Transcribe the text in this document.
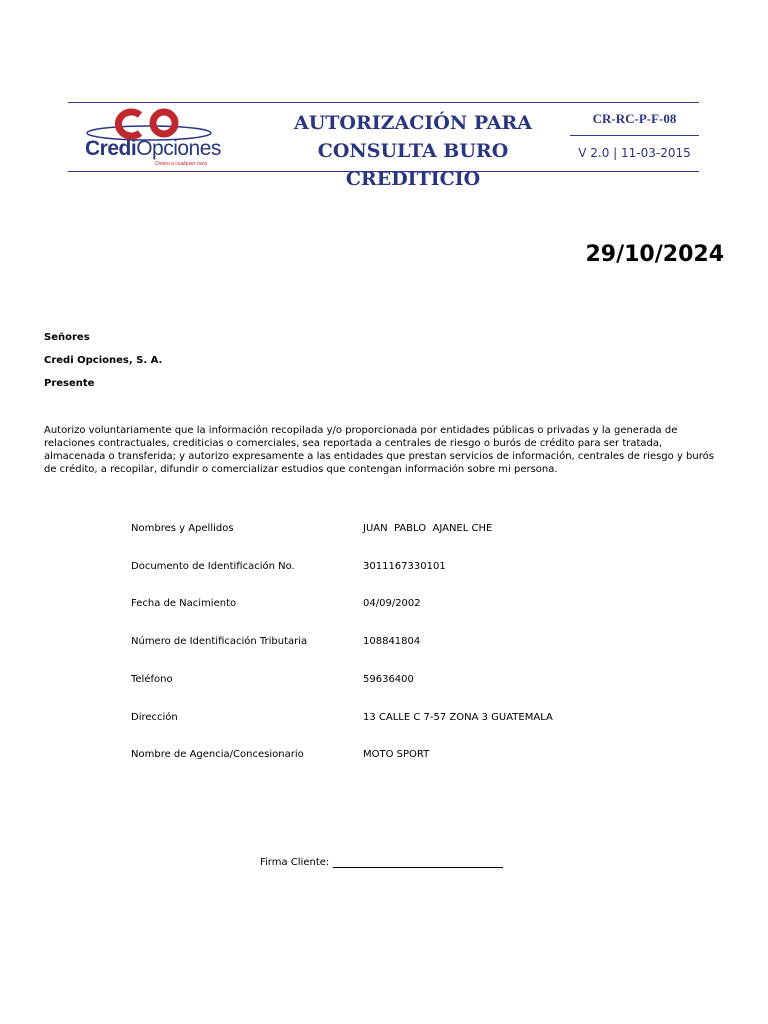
CrediOpciones
Dinero a cualquier hora
AUTORIZACIÓN PARA
CONSULTA BURO CREDITICIO
CR-RC-P-F-08
V 2.0 | 11-03-2015
29/10/2024
Señores
Credi Opciones, S. A.
Presente
Autorizo voluntariamente que la información recopilada y/o proporcionada por entidades públicas o privadas y la generada de relaciones contractuales, crediticias o comerciales, sea reportada a centrales de riesgo o burós de crédito para ser tratada, almacenada o transferida; y autorizo expresamente a las entidades que prestan servicios de información, centrales de riesgo y burós de crédito, a recopilar, difundir o comercializar estudios que contengan información sobre mi persona.
Nombres y Apellidos	JUAN  PABLO  AJANEL CHE
Documento de Identificación No.	3011167330101
Fecha de Nacimiento	04/09/2002
Número de Identificación Tributaria	108841804
Teléfono	59636400
Dirección	13 CALLE C 7-57 ZONA 3 GUATEMALA
Nombre de Agencia/Concesionario	MOTO SPORT
Firma Cliente:
